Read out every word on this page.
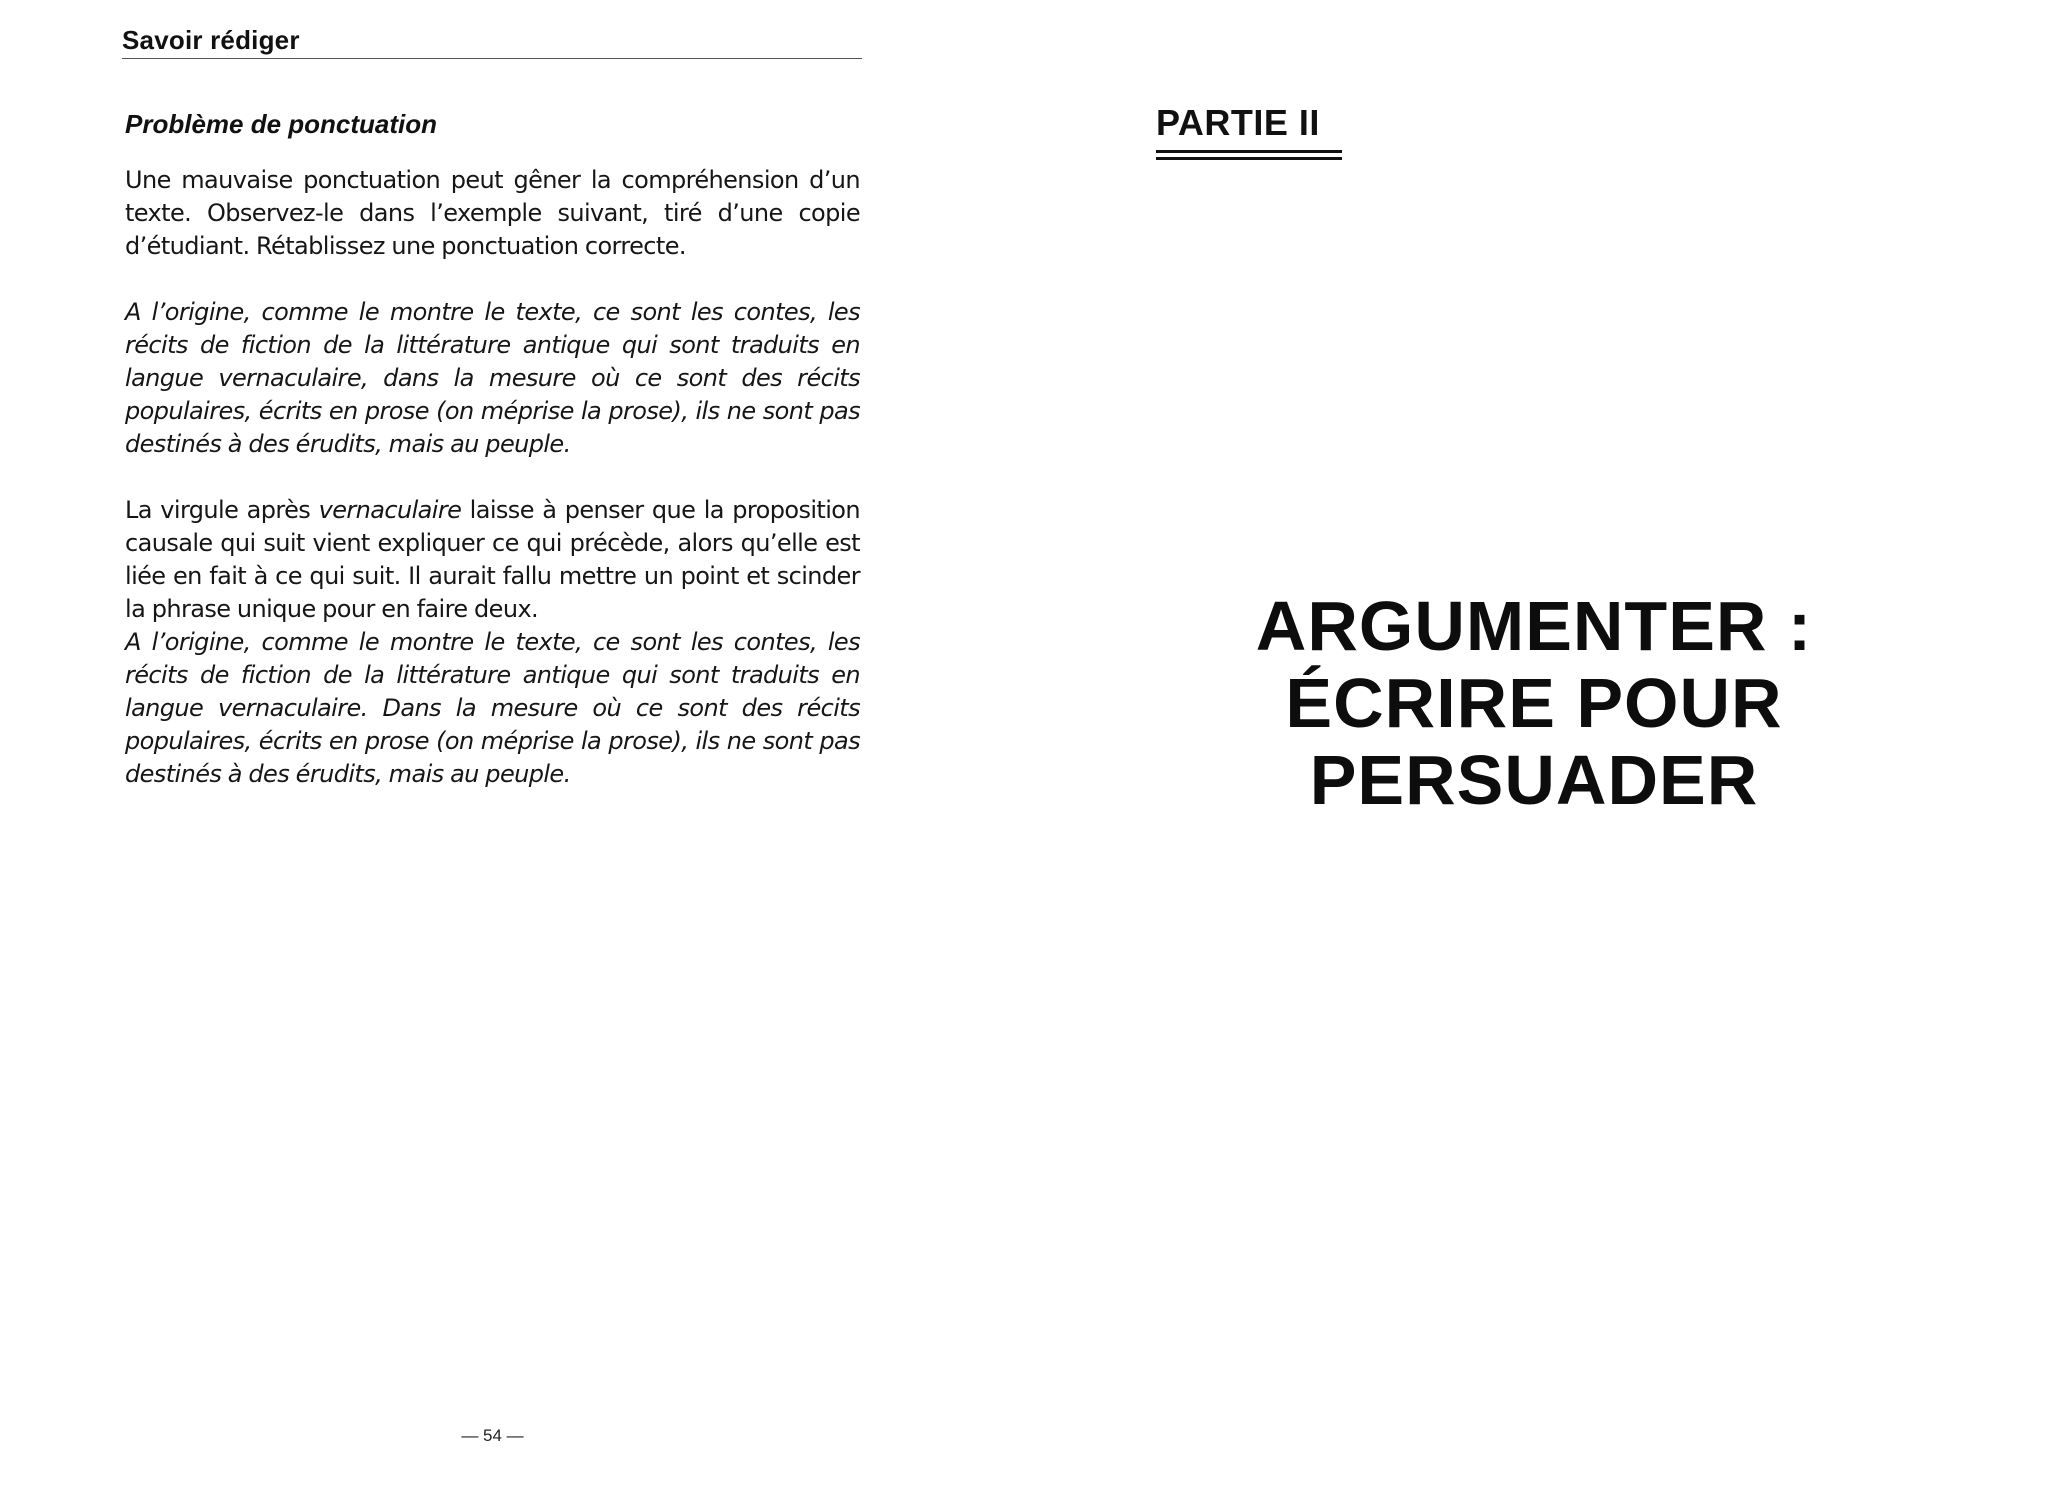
Savoir rédiger
Problème de ponctuation

Une mauvaise ponctuation peut gêner la compréhension d’un texte. Observez-le dans l’exemple suivant, tiré d’une copie d’étudiant. Rétablissez une ponctuation correcte.

A l’origine, comme le montre le texte, ce sont les contes, les récits de fiction de la littérature antique qui sont traduits en langue vernaculaire, dans la mesure où ce sont des récits populaires, écrits en prose (on méprise la prose), ils ne sont pas destinés à des érudits, mais au peuple.

La virgule après vernaculaire laisse à penser que la proposition causale qui suit vient expliquer ce qui précède, alors qu’elle est liée en fait à ce qui suit. Il aurait fallu mettre un point et scinder la phrase unique pour en faire deux.

A l’origine, comme le montre le texte, ce sont les contes, les récits de fiction de la littérature antique qui sont traduits en langue vernaculaire. Dans la mesure où ce sont des récits populaires, écrits en prose (on méprise la prose), ils ne sont pas destinés à des érudits, mais au peuple.

— 54 —
PARTIE II
ARGUMENTER :
ÉCRIRE POUR
PERSUADER
